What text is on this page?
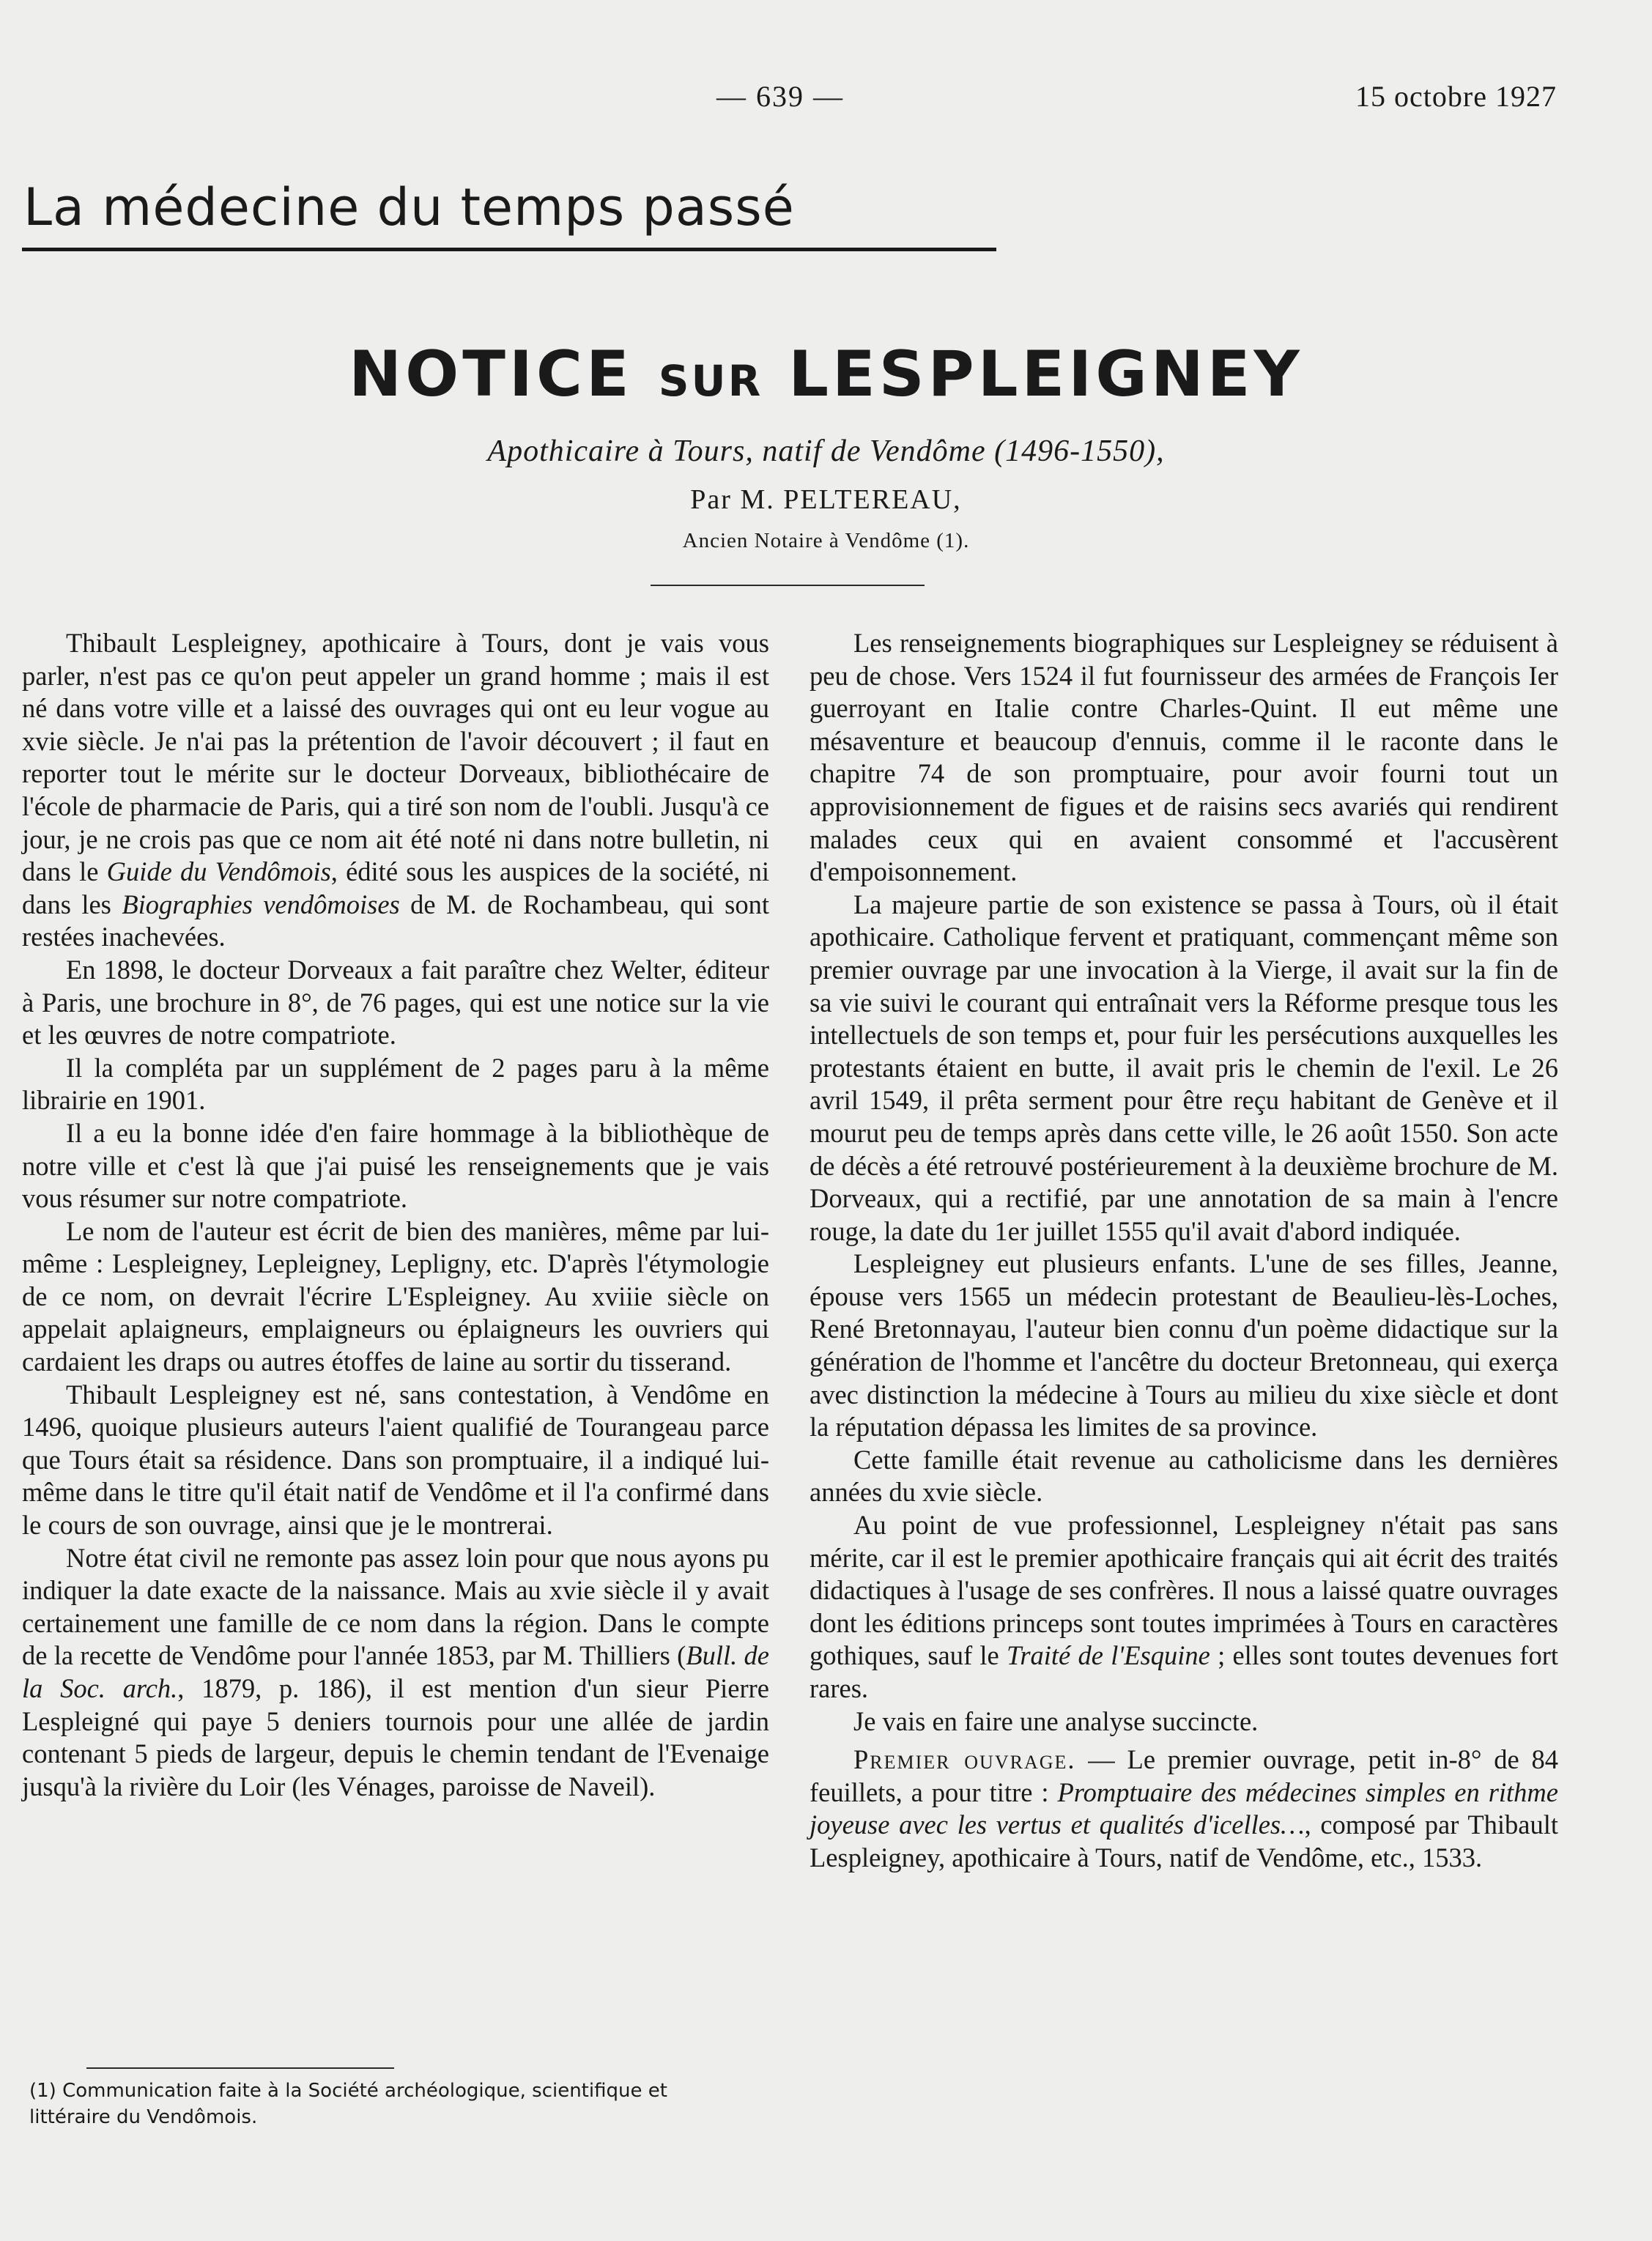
— 639 —	15 octobre 1927
La médecine du temps passé
NOTICE SUR LESPLEIGNEY
Apothicaire à Tours, natif de Vendôme (1496-1550),
Par M. PELTEREAU,
Ancien Notaire à Vendôme (1).

Thibault Lespleigney, apothicaire à Tours, dont je vais vous parler, n'est pas ce qu'on peut appeler un grand homme ; mais il est né dans votre ville et a laissé des ouvrages qui ont eu leur vogue au xvie siècle. Je n'ai pas la prétention de l'avoir découvert ; il faut en reporter tout le mérite sur le docteur Dorveaux, bibliothécaire de l'école de pharmacie de Paris, qui a tiré son nom de l'oubli. Jusqu'à ce jour, je ne crois pas que ce nom ait été noté ni dans notre bulletin, ni dans le Guide du Vendômois, édité sous les auspices de la société, ni dans les Biographies vendômoises de M. de Rochambeau, qui sont restées inachevées.

En 1898, le docteur Dorveaux a fait paraître chez Welter, éditeur à Paris, une brochure in 8°, de 76 pages, qui est une notice sur la vie et les œuvres de notre compatriote.

Il la compléta par un supplément de 2 pages paru à la même librairie en 1901.

Il a eu la bonne idée d'en faire hommage à la bibliothèque de notre ville et c'est là que j'ai puisé les renseignements que je vais vous résumer sur notre compatriote.

Le nom de l'auteur est écrit de bien des manières, même par lui-même : Lespleigney, Lepleigney, Lepligny, etc. D'après l'étymologie de ce nom, on devrait l'écrire L'Espleigney. Au xviiie siècle on appelait aplaigneurs, emplaigneurs ou éplaigneurs les ouvriers qui cardaient les draps ou autres étoffes de laine au sortir du tisserand.

Thibault Lespleigney est né, sans contestation, à Vendôme en 1496, quoique plusieurs auteurs l'aient qualifié de Tourangeau parce que Tours était sa résidence. Dans son promptuaire, il a indiqué lui-même dans le titre qu'il était natif de Vendôme et il l'a confirmé dans le cours de son ouvrage, ainsi que je le montrerai.

Notre état civil ne remonte pas assez loin pour que nous ayons pu indiquer la date exacte de la naissance. Mais au xvie siècle il y avait certainement une famille de ce nom dans la région. Dans le compte de la recette de Vendôme pour l'année 1853, par M. Thilliers (Bull. de la Soc. arch., 1879, p. 186), il est mention d'un sieur Pierre Lespleigné qui paye 5 deniers tournois pour une allée de jardin contenant 5 pieds de largeur, depuis le chemin tendant de l'Evenaige jusqu'à la rivière du Loir (les Vénages, paroisse de Naveil).

Les renseignements biographiques sur Lespleigney se réduisent à peu de chose. Vers 1524 il fut fournisseur des armées de François Ier guerroyant en Italie contre Charles-Quint. Il eut même une mésaventure et beaucoup d'ennuis, comme il le raconte dans le chapitre 74 de son promptuaire, pour avoir fourni tout un approvisionnement de figues et de raisins secs avariés qui rendirent malades ceux qui en avaient consommé et l'accusèrent d'empoisonnement.

La majeure partie de son existence se passa à Tours, où il était apothicaire. Catholique fervent et pratiquant, commençant même son premier ouvrage par une invocation à la Vierge, il avait sur la fin de sa vie suivi le courant qui entraînait vers la Réforme presque tous les intellectuels de son temps et, pour fuir les persécutions auxquelles les protestants étaient en butte, il avait pris le chemin de l'exil. Le 26 avril 1549, il prêta serment pour être reçu habitant de Genève et il mourut peu de temps après dans cette ville, le 26 août 1550. Son acte de décès a été retrouvé postérieurement à la deuxième brochure de M. Dorveaux, qui a rectifié, par une annotation de sa main à l'encre rouge, la date du 1er juillet 1555 qu'il avait d'abord indiquée.

Lespleigney eut plusieurs enfants. L'une de ses filles, Jeanne, épouse vers 1565 un médecin protestant de Beaulieu-lès-Loches, René Bretonnayau, l'auteur bien connu d'un poème didactique sur la génération de l'homme et l'ancêtre du docteur Bretonneau, qui exerça avec distinction la médecine à Tours au milieu du xixe siècle et dont la réputation dépassa les limites de sa province.

Cette famille était revenue au catholicisme dans les dernières années du xvie siècle.

Au point de vue professionnel, Lespleigney n'était pas sans mérite, car il est le premier apothicaire français qui ait écrit des traités didactiques à l'usage de ses confrères. Il nous a laissé quatre ouvrages dont les éditions princeps sont toutes imprimées à Tours en caractères gothiques, sauf le Traité de l'Esquine ; elles sont toutes devenues fort rares.

Je vais en faire une analyse succincte.

Premier ouvrage. — Le premier ouvrage, petit in-8° de 84 feuillets, a pour titre : Promptuaire des médecines simples en rithme joyeuse avec les vertus et qualités d'icelles…, composé par Thibault Lespleigney, apothicaire à Tours, natif de Vendôme, etc., 1533.

(1) Communication faite à la Société archéologique, scientifique et
littéraire du Vendômois.
